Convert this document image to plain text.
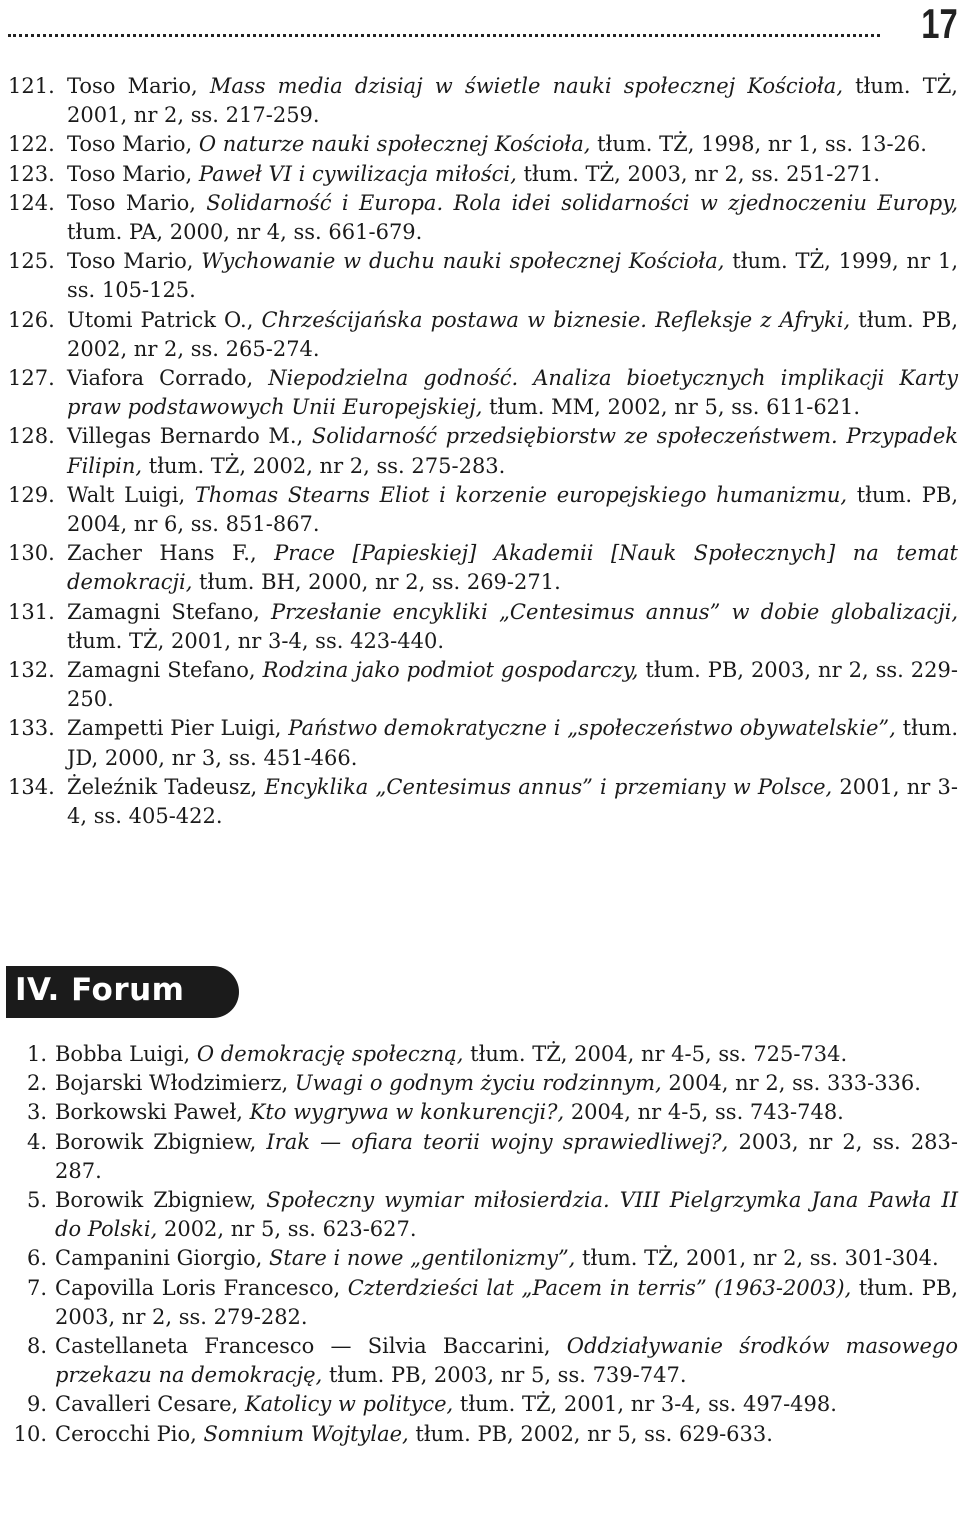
17
121. Toso Mario, Mass media dzisiaj w świetle nauki społecznej Kościoła, tłum. TŻ, 2001, nr 2, ss. 217-259.
122. Toso Mario, O naturze nauki społecznej Kościoła, tłum. TŻ, 1998, nr 1, ss. 13-26.
123. Toso Mario, Paweł VI i cywilizacja miłości, tłum. TŻ, 2003, nr 2, ss. 251-271.
124. Toso Mario, Solidarność i Europa. Rola idei solidarności w zjednoczeniu Europy, tłum. PA, 2000, nr 4, ss. 661-679.
125. Toso Mario, Wychowanie w duchu nauki społecznej Kościoła, tłum. TŻ, 1999, nr 1, ss. 105-125.
126. Utomi Patrick O., Chrześcijańska postawa w biznesie. Refleksje z Afryki, tłum. PB, 2002, nr 2, ss. 265-274.
127. Viafora Corrado, Niepodzielna godność. Analiza bioetycznych implikacji Karty praw podstawowych Unii Europejskiej, tłum. MM, 2002, nr 5, ss. 611-621.
128. Villegas Bernardo M., Solidarność przedsiębiorstw ze społeczeństwem. Przypadek Filipin, tłum. TŻ, 2002, nr 2, ss. 275-283.
129. Walt Luigi, Thomas Stearns Eliot i korzenie europejskiego humanizmu, tłum. PB, 2004, nr 6, ss. 851-867.
130. Zacher Hans F., Prace [Papieskiej] Akademii [Nauk Społecznych] na temat demokracji, tłum. BH, 2000, nr 2, ss. 269-271.
131. Zamagni Stefano, Przesłanie encykliki „Centesimus annus” w dobie globalizacji, tłum. TŻ, 2001, nr 3-4, ss. 423-440.
132. Zamagni Stefano, Rodzina jako podmiot gospodarczy, tłum. PB, 2003, nr 2, ss. 229-250.
133. Zampetti Pier Luigi, Państwo demokratyczne i „społeczeństwo obywatelskie”, tłum. JD, 2000, nr 3, ss. 451-466.
134. Żeleźnik Tadeusz, Encyklika „Centesimus annus” i przemiany w Polsce, 2001, nr 3-4, ss. 405-422.
IV. Forum
1. Bobba Luigi, O demokrację społeczną, tłum. TŻ, 2004, nr 4-5, ss. 725-734.
2. Bojarski Włodzimierz, Uwagi o godnym życiu rodzinnym, 2004, nr 2, ss. 333-336.
3. Borkowski Paweł, Kto wygrywa w konkurencji?, 2004, nr 4-5, ss. 743-748.
4. Borowik Zbigniew, Irak — ofiara teorii wojny sprawiedliwej?, 2003, nr 2, ss. 283-287.
5. Borowik Zbigniew, Społeczny wymiar miłosierdzia. VIII Pielgrzymka Jana Pawła II do Polski, 2002, nr 5, ss. 623-627.
6. Campanini Giorgio, Stare i nowe „gentilonizmy”, tłum. TŻ, 2001, nr 2, ss. 301-304.
7. Capovilla Loris Francesco, Czterdzieści lat „Pacem in terris” (1963-2003), tłum. PB, 2003, nr 2, ss. 279-282.
8. Castellaneta Francesco — Silvia Baccarini, Oddziaływanie środków masowego przekazu na demokrację, tłum. PB, 2003, nr 5, ss. 739-747.
9. Cavalleri Cesare, Katolicy w polityce, tłum. TŻ, 2001, nr 3-4, ss. 497-498.
10. Cerocchi Pio, Somnium Wojtylae, tłum. PB, 2002, nr 5, ss. 629-633.
